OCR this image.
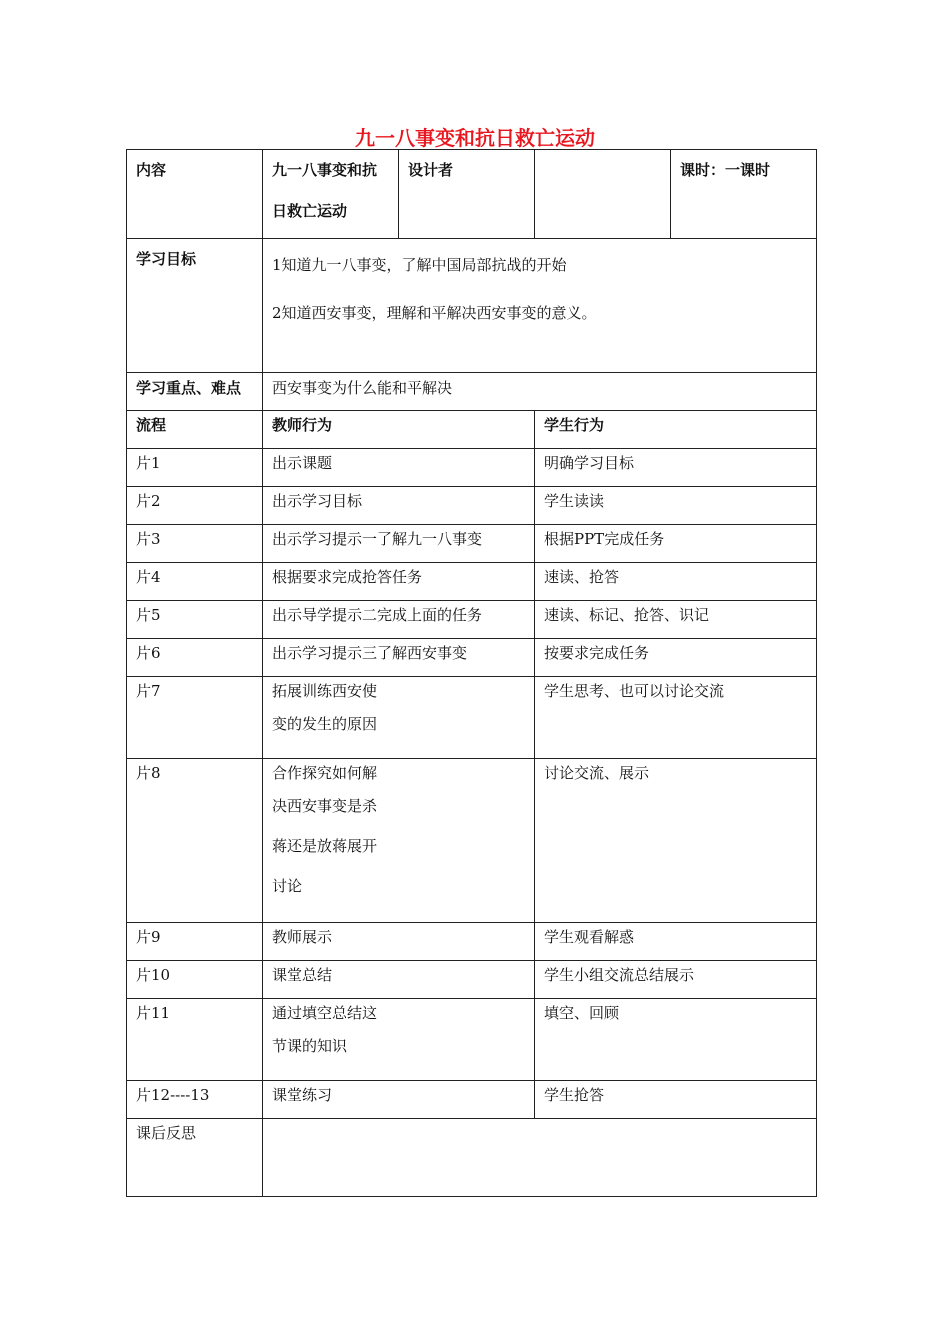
九一八事变和抗日救亡运动
内容	九一八事变和抗
日救亡运动	设计者		课时：一课时
学习目标	1知道九一八事变，了解中国局部抗战的开始
2知道西安事变，理解和平解决西安事变的意义。			

学习重点、难点	西安事变为什么能和平解决			
流程	教师行为		学生行为	
片1	出示课题		明确学习目标	
片2	出示学习目标		学生读读	
片3	出示学习提示一了解九一八事变		根据PPT完成任务	
片4	根据要求完成抢答任务		速读、抢答	
片5	出示导学提示二完成上面的任务		速读、标记、抢答、识记	
片6	出示学习提示三了解西安事变		按要求完成任务	
片7	拓展训练西安使
变的发生的原因		学生思考、也可以讨论交流	
片8	合作探究如何解
决西安事变是杀
蒋还是放蒋展开
讨论		讨论交流、展示	
片9	教师展示		学生观看解惑	
片10	课堂总结		学生小组交流总结展示	
片11	通过填空总结这
节课的知识		填空、回顾	
片12----13	课堂练习		学生抢答	
课后反思				
